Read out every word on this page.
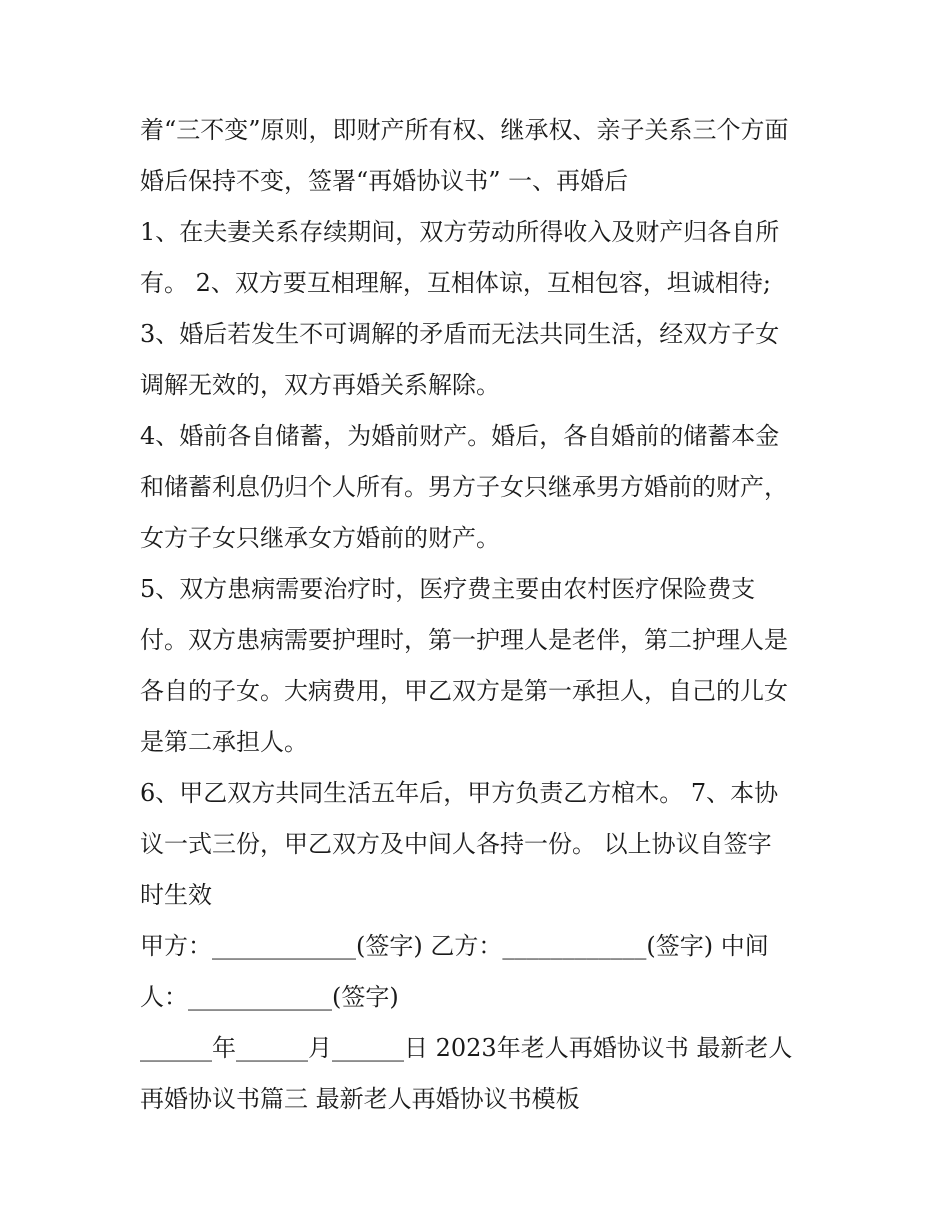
着“三不变”原则，即财产所有权、继承权、亲子关系三个方面
婚后保持不变，签署“再婚协议书” 一、再婚后
1、在夫妻关系存续期间，双方劳动所得收入及财产归各自所
有。 2、双方要互相理解，互相体谅，互相包容，坦诚相待;
3、婚后若发生不可调解的矛盾而无法共同生活，经双方子女
调解无效的，双方再婚关系解除。
4、婚前各自储蓄，为婚前财产。婚后，各自婚前的储蓄本金
和储蓄利息仍归个人所有。男方子女只继承男方婚前的财产，
女方子女只继承女方婚前的财产。
5、双方患病需要治疗时，医疗费主要由农村医疗保险费支
付。双方患病需要护理时，第一护理人是老伴，第二护理人是
各自的子女。大病费用，甲乙双方是第一承担人，自己的儿女
是第二承担人。
6、甲乙双方共同生活五年后，甲方负责乙方棺木。 7、本协
议一式三份，甲乙双方及中间人各持一份。 以上协议自签字
时生效
甲方：____________(签字) 乙方：____________(签字) 中间
人：____________(签字)
______年______月______日 2023年老人再婚协议书 最新老人
再婚协议书篇三 最新老人再婚协议书模板
